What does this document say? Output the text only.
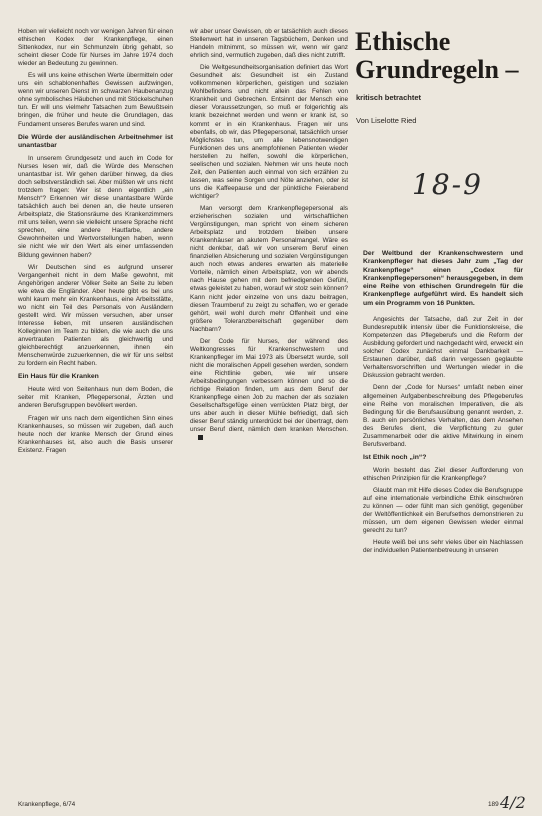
Hoben wir vielleicht noch vor wenigen Jahren für einen ethischen Kodex der Krankenpflege, einen Sittenkodex, nur ein Schmunzeln übrig gehabt, so scheint dieser Code für Nurses im Jahre 1974 doch wieder an Bedeutung zu gewinnen.

Es will uns keine ethischen Werte übermitteln oder uns ein schablonenhaftes Gewissen aufzwingen, wenn wir unseren Dienst im schwarzen Haubenanzug ohne symbolisches Häubchen und mit Stöckelschuhen tun. Er will uns vielmehr Tatsachen zum Bewußtsein bringen, die früher und heute die Grundlagen, das Fundament unseres Berufes waren und sind.

Die Würde der ausländischen Arbeitnehmer ist unantastbar

In unserem Grundgesetz und auch im Code for Nurses lesen wir, daß die Würde des Menschen unantastbar ist. Wir gehen darüber hinweg, da dies doch selbstverständlich sei. Aber müßten wir uns nicht trotzdem fragen: Wer ist denn eigentlich „ein Mensch“? Erkennen wir diese unantastbare Würde tatsächlich auch bei denen an, die heute unseren Arbeitsplatz, die Stationsräume des Krankenzimmers mit uns teilen, wenn sie vielleicht unsere Sprache nicht sprechen, eine andere Hautfarbe, andere Gewohnheiten und Wertvorstellungen haben, wenn sie nicht wie wir den Wert als einer umfassenden Bildung gewinnen haben?

Wir Deutschen sind es aufgrund unserer Vergangenheit nicht in dem Maße gewohnt, mit Angehörigen anderer Völker Seite an Seite zu leben wie etwa die Engländer. Aber heute gibt es bei uns wohl kaum mehr ein Krankenhaus, eine Arbeitsstätte, wo nicht ein Teil des Personals von Ausländern gestellt wird. Wir müssen versuchen, aber unser Interesse lieben, mit unseren ausländischen Kolleginnen im Team zu bilden, die wie auch die uns anvertrauten Patienten als gleichwertig und gleichberechtigt anzuerkennen, ihnen ein Menschenwürde zuzuerkennen, die wir für uns selbst zu fordern ein Recht haben.

Ein Haus für die Kranken

Heute wird von Seitenhaus nun dem Boden, die seiter mit Kranken, Pflegepersonal, Ärzten und anderen Berufsgruppen bevölkert werden.

Fragen wir uns nach dem eigentlichen Sinn eines Krankenhauses, so müssen wir zugeben, daß auch heute noch der kranke Mensch der Grund eines Krankenhauses ist, also auch die Basis unserer Existenz. Fragen

wir aber unser Gewissen, ob er tatsächlich auch dieses Stellenwert hat in unseren Tagsbüchern, Denken und Handeln mitnimmt, so müssen wir, wenn wir ganz ehrlich sind, vermutlich zugeben, daß dies nicht zutrifft.

Die Weltgesundheitsorganisation definiert das Wort Gesundheit als: Gesundheit ist ein Zustand vollkommenen körperlichen, geistigen und sozialen Wohlbefindens und nicht allein das Fehlen von Krankheit und Gebrechen. Entsinnt der Mensch eine dieser Voraussetzungen, so muß er folgerichtig als krank bezeichnet werden und wenn er krank ist, so kommt er in ein Krankenhaus. Fragen wir uns ebenfalls, ob wir, das Pflegepersonal, tatsächlich unser Möglichstes tun, um alle lebensnotwendigen Funktionen des uns anempfohlenen Patienten wieder herstellen zu helfen, sowohl die körperlichen, seelischen und sozialen. Nehmen wir uns heute noch Zeit, den Patienten auch einmal von sich erzählen zu lassen, was seine Sorgen und Nöte anziehen, oder ist uns die Kaffeepause und der pünktliche Feierabend wichtiger?

Man versorgt dem Krankenpflegepersonal als erzieherischen sozialen und wirtschaftlichen Vergünstigungen, man spricht von einem sicheren Arbeitsplatz und trotzdem bleiben unsere Krankenhäuser an akutem Personalmangel. Wäre es nicht denkbar, daß wir von unserem Beruf einen finanziellen Absicherung und sozialen Vergünstigungen auch noch etwas anderes erwarten als materielle Vorteile, nämlich einen Arbeitsplatz, von wir abends nach Hause gehen mit dem befriedigenden Gefühl, etwas geleistet zu haben, worauf wir stolz sein können? Kann nicht jeder einzelne von uns dazu beitragen, diesen Traumberuf zu zeigt zu schaffen, wo er gerade gehört, weil wohl durch mehr Offenheit und eine größere Toleranzbereitschaft gegenüber dem Nachbarn?

Der Code für Nurses, der während des Weltkongresses für Krankenschwestern und Krankenpfleger im Mai 1973 als Übersetzt wurde, soll nicht die moralischen Appell gesehen werden, sondern eine Richtlinie geben, wie wir unsere Arbeitsbedingungen verbessern können und so die richtige Relation finden, um aus dem Beruf der Krankenpflege einen Job zu machen der als sozialen Gesellschaftsgefüge einen verrückten Platz birgt, der uns aber auch in dieser Mühle befriedigt, daß sich dieser Beruf ständig unterdrückt bei der übertragt, dem unser Beruf dient, nämlich dem kranken Menschen.

Ethische
Grundregeln –
kritisch betrachtet
Von Liselotte Ried
18-9

Der Weltbund der Krankenschwestern und Krankenpfleger hat dieses Jahr zum „Tag der Krankenpflege“ einen „Codex für Krankenpflegepersonen“ herausgegeben, in dem eine Reihe von ethischen Grundregeln für die Krankenpflege aufgeführt wird. Es handelt sich um ein Programm von 16 Punkten.

Angesichts der Tatsache, daß zur Zeit in der Bundesrepublik intensiv über die Funktionskreise, die Kompetenzen das Pflegeberufs und die Reform der Ausbildung gefordert und nachgedacht wird, erweckt ein solcher Codex zunächst einmal Dankbarkeit — Erstaunen darüber, daß darin vergessen geglaubte Verhaltensvorschriften und Wertungen wieder in die Diskussion gebracht werden.

Denn der „Code for Nurses“ umfaßt neben einer allgemeinen Aufgabenbeschreibung des Pflegeberufes eine Reihe von moralischen Imperativen, die als Bedingung für die Berufsausübung genannt werden, z. B. auch ein persönliches Verhalten, das dem Ansehen des Berufes dient, die Verpflichtung zu guter Zusammenarbeit oder die aktive Mitwirkung in einem Berufsverband.

Ist Ethik noch „in“?

Worin besteht das Ziel dieser Aufforderung von ethischen Prinzipien für die Krankenpflege?

Glaubt man mit Hilfe dieses Codex die Berufsgruppe auf eine internationale verbindliche Ethik einschwören zu können — oder fühlt man sich genötigt, gegenüber der Weltöffentlichkeit ein Berufsethos demonstrieren zu müssen, um dem eigenen Gewissen wieder einmal gerecht zu tun?

Heute weiß bei uns sehr vieles über ein Nachlassen der individuellen Patientenbetreuung in unseren

Krankenpflege, 6/74	189 4/2
